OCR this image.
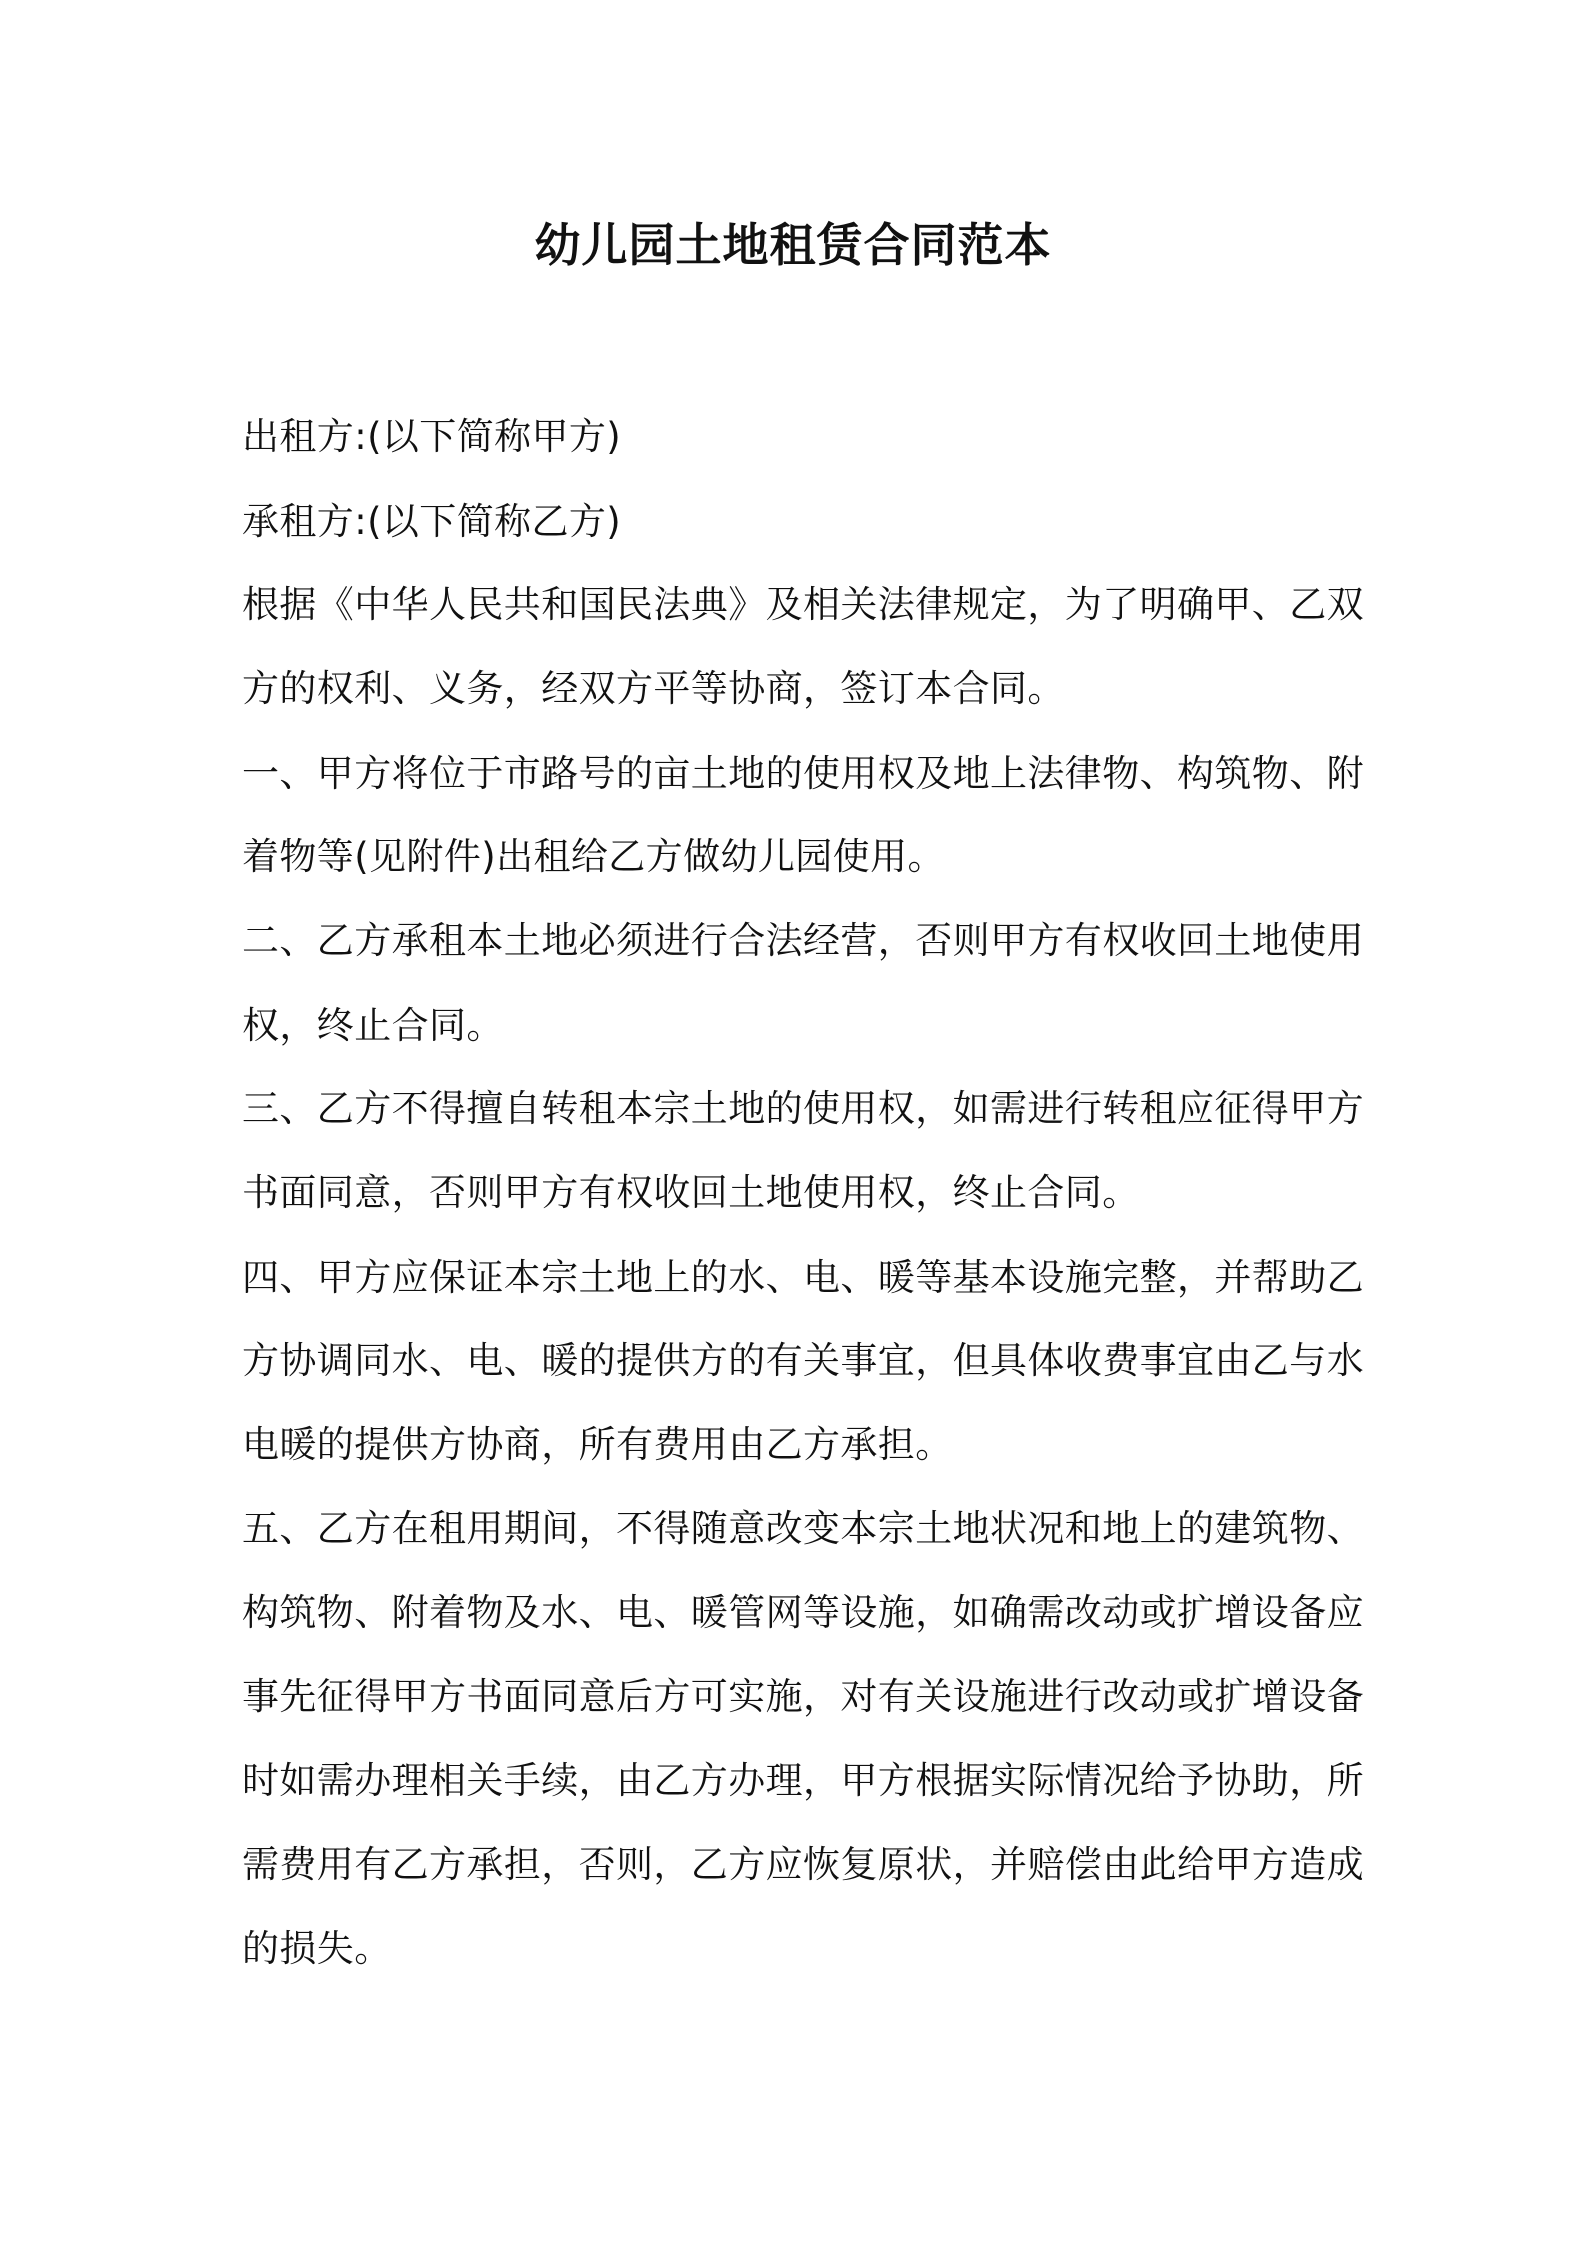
幼儿园土地租赁合同范本
出租方:(以下简称甲方)
承租方:(以下简称乙方)
根据《中华人民共和国民法典》及相关法律规定，为了明确甲、乙双
方的权利、义务，经双方平等协商，签订本合同。
一、甲方将位于市路号的亩土地的使用权及地上法律物、构筑物、附
着物等(见附件)出租给乙方做幼儿园使用。
二、乙方承租本土地必须进行合法经营，否则甲方有权收回土地使用
权，终止合同。
三、乙方不得擅自转租本宗土地的使用权，如需进行转租应征得甲方
书面同意，否则甲方有权收回土地使用权，终止合同。
四、甲方应保证本宗土地上的水、电、暖等基本设施完整，并帮助乙
方协调同水、电、暖的提供方的有关事宜，但具体收费事宜由乙与水
电暖的提供方协商，所有费用由乙方承担。
五、乙方在租用期间，不得随意改变本宗土地状况和地上的建筑物、
构筑物、附着物及水、电、暖管网等设施，如确需改动或扩增设备应
事先征得甲方书面同意后方可实施，对有关设施进行改动或扩增设备
时如需办理相关手续，由乙方办理，甲方根据实际情况给予协助，所
需费用有乙方承担，否则，乙方应恢复原状，并赔偿由此给甲方造成
的损失。
